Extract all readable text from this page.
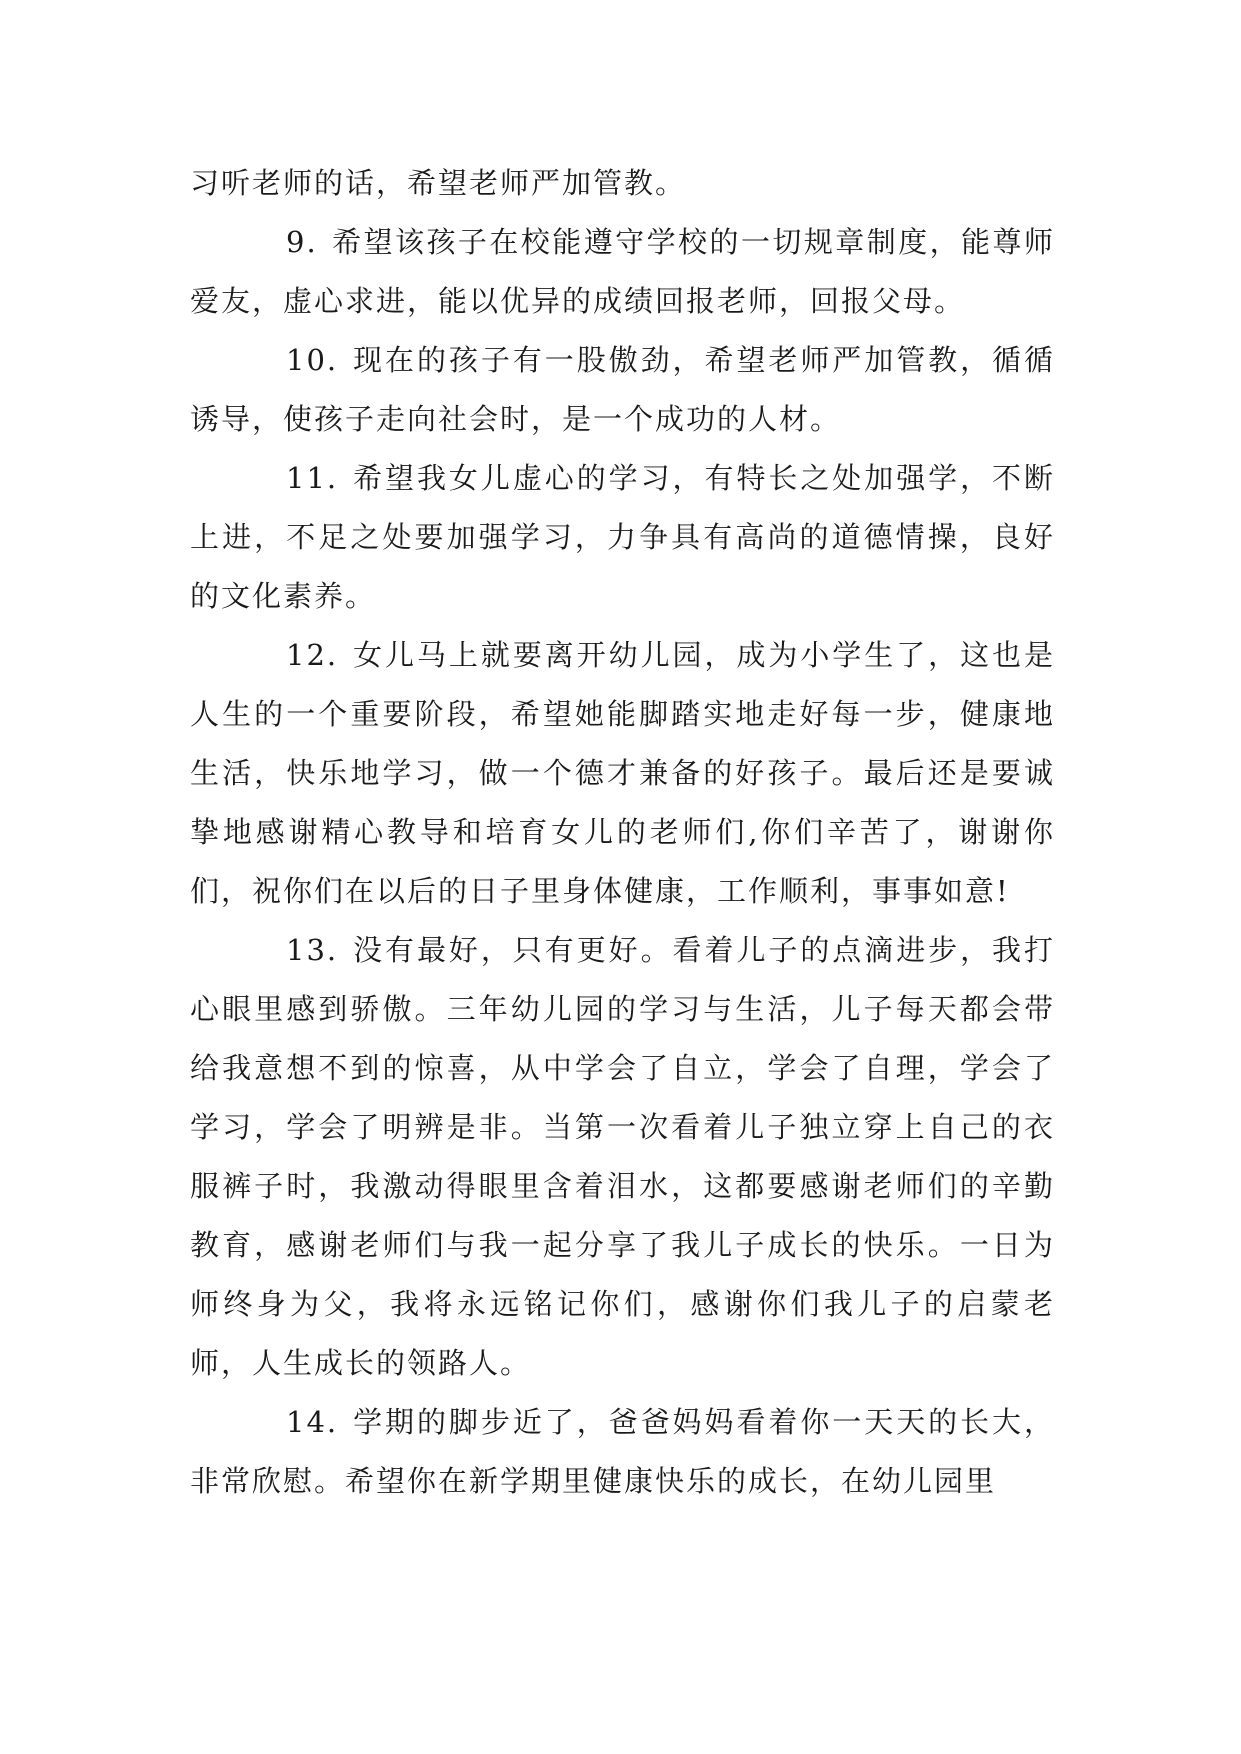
习听老师的话，希望老师严加管教。

9. 希望该孩子在校能遵守学校的一切规章制度，能尊师爱友，虚心求进，能以优异的成绩回报老师，回报父母。

10. 现在的孩子有一股傲劲，希望老师严加管教，循循诱导，使孩子走向社会时，是一个成功的人材。

11. 希望我女儿虚心的学习，有特长之处加强学，不断上进，不足之处要加强学习，力争具有高尚的道德情操，良好的文化素养。

12. 女儿马上就要离开幼儿园，成为小学生了，这也是人生的一个重要阶段，希望她能脚踏实地走好每一步，健康地生活，快乐地学习，做一个德才兼备的好孩子。最后还是要诚挚地感谢精心教导和培育女儿的老师们,你们辛苦了，谢谢你们，祝你们在以后的日子里身体健康，工作顺利，事事如意!

13. 没有最好，只有更好。看着儿子的点滴进步，我打心眼里感到骄傲。三年幼儿园的学习与生活，儿子每天都会带给我意想不到的惊喜，从中学会了自立，学会了自理，学会了学习，学会了明辨是非。当第一次看着儿子独立穿上自己的衣服裤子时，我激动得眼里含着泪水，这都要感谢老师们的辛勤教育，感谢老师们与我一起分享了我儿子成长的快乐。一日为师终身为父，我将永远铭记你们，感谢你们我儿子的启蒙老师，人生成长的领路人。

14. 学期的脚步近了，爸爸妈妈看着你一天天的长大，非常欣慰。希望你在新学期里健康快乐的成长，在幼儿园里
